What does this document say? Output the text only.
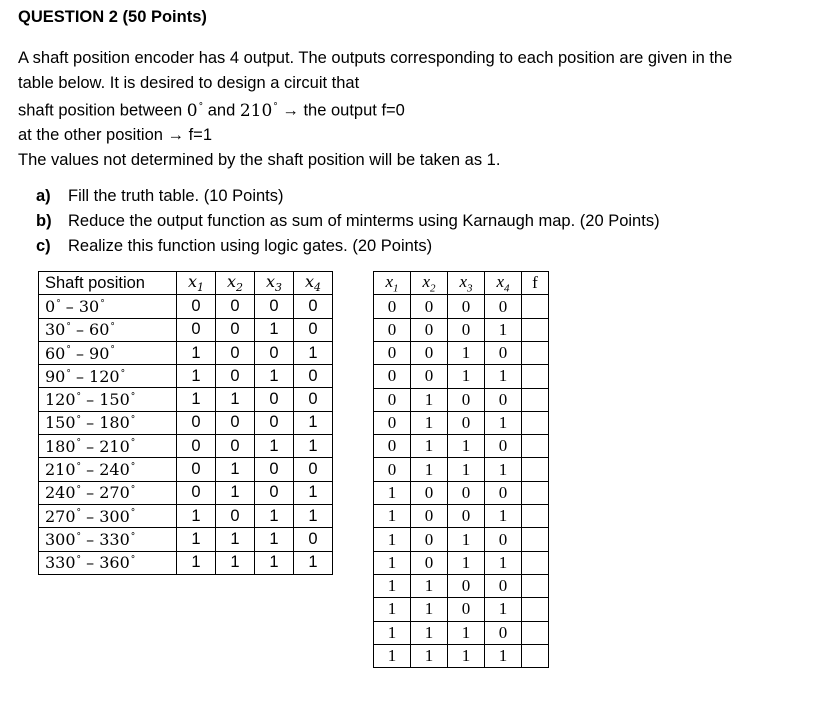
QUESTION 2 (50 Points)
A shaft position encoder has 4 output. The outputs corresponding to each position are given in the
table below. It is desired to design a circuit that
shaft position between 0° and 210° → the output f=0
at the other position → f=1
The values not determined by the shaft position will be taken as 1.
a)	Fill the truth table. (10 Points)
b) Reduce the output function as sum of minterms using Karnaugh map. (20 Points)
c)	Realize this function using logic gates. (20 Points)
Shaft position	$x_1$	$x_2$	$x_3$	$x_4$
0° – 30°	0	0	0	0
30° – 60°	0	0	1	0
60° – 90°	1	0	0	1
90° – 120°	1	0	1	0
120° – 150°	1	1	0	0
150° – 180°	0	0	0	1
180° – 210°	0	0	1	1
210° – 240°	0	1	0	0
240° – 270°	0	1	0	1
270° – 300°	1	0	1	1
300° – 330°	1	1	1	0
330° – 360°	1	1	1	1
$x_1$	$x_2$	$x_3$	$x_4$	f
0	0	0	0	
0	0	0	1	
0	0	1	0	
0	0	1	1	
0	1	0	0	
0	1	0	1	
0	1	1	0	
0	1	1	1	
1	0	0	0	
1	0	0	1	
1	0	1	0	
1	0	1	1	
1	1	0	0	
1	1	0	1	
1	1	1	0	
1	1	1	1	
